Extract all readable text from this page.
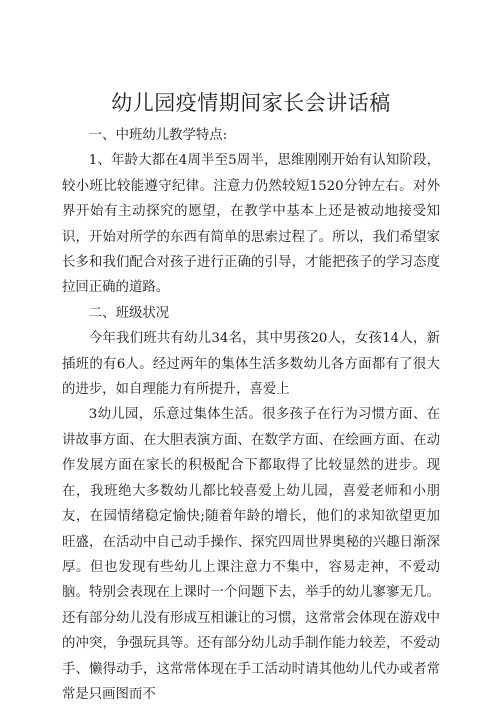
幼儿园疫情期间家长会讲话稿

一、中班幼儿教学特点:

1、年龄大都在4周半至5周半，思维刚刚开始有认知阶段，较小班比较能遵守纪律。注意力仍然较短1520分钟左右。对外界开始有主动探究的愿望，在教学中基本上还是被动地接受知识，开始对所学的东西有简单的思索过程了。所以，我们希望家长多和我们配合对孩子进行正确的引导，才能把孩子的学习态度拉回正确的道路。

二、班级状况

今年我们班共有幼儿34名，其中男孩20人，女孩14人，新插班的有6人。经过两年的集体生活多数幼儿各方面都有了很大的进步，如自理能力有所提升，喜爱上

3幼儿园，乐意过集体生活。很多孩子在行为习惯方面、在讲故事方面、在大胆表演方面、在数学方面、在绘画方面、在动作发展方面在家长的积极配合下都取得了比较显然的进步。现在，我班绝大多数幼儿都比较喜爱上幼儿园，喜爱老师和小朋友，在园情绪稳定愉快;随着年龄的增长，他们的求知欲望更加旺盛，在活动中自己动手操作、探究四周世界奥秘的兴趣日渐深厚。但也发现有些幼儿上课注意力不集中，容易走神，不爱动脑。特别会表现在上课时一个问题下去，举手的幼儿寥寥无几。还有部分幼儿没有形成互相谦让的习惯，这常常会体现在游戏中的冲突，争强玩具等。还有部分幼儿动手制作能力较差，不爱动手、懒得动手，这常常体现在手工活动时请其他幼儿代办或者常常是只画图而不
